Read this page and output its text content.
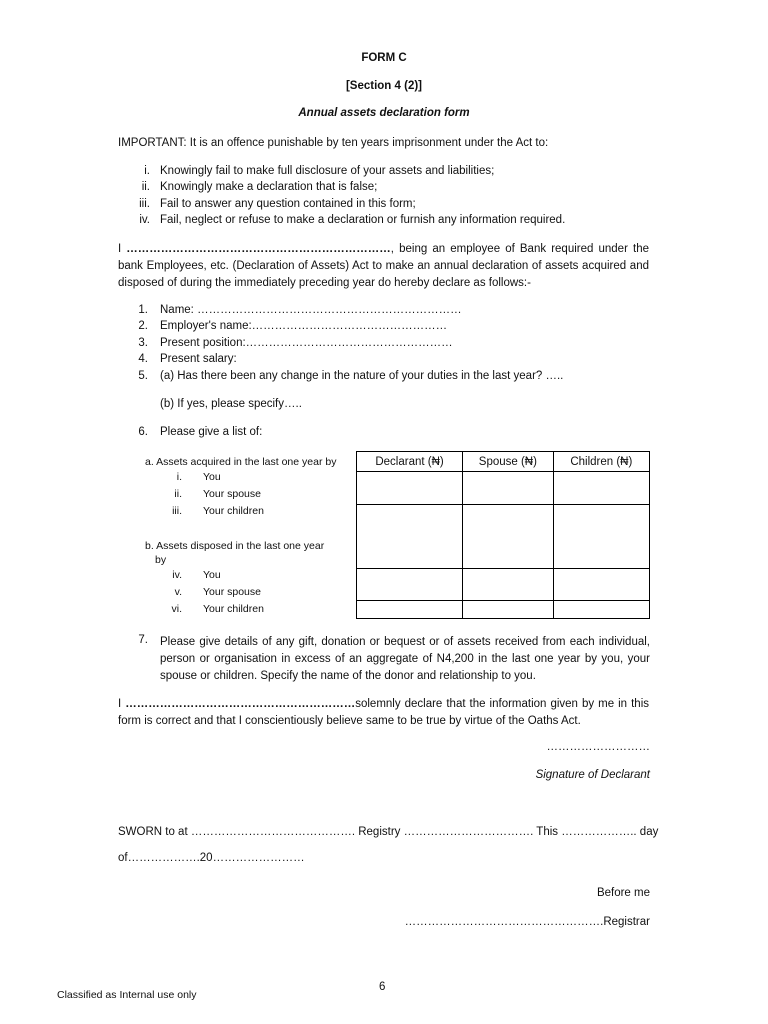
FORM C
[Section 4 (2)]
Annual assets declaration form
IMPORTANT: It is an offence punishable by ten years imprisonment under the Act to:
i. Knowingly fail to make full disclosure of your assets and liabilities;
ii. Knowingly make a declaration that is false;
iii. Fail to answer any question contained in this form;
iv. Fail, neglect or refuse to make a declaration or furnish any information required.
I ……………………………………………………………, being an employee of Bank required under the bank Employees, etc. (Declaration of Assets) Act to make an annual declaration of assets acquired and disposed of during the immediately preceding year do hereby declare as follows:-
1. Name: ……………………………………………………………
2. Employer's name:……………………………………………
3. Present position:………………………………………………
4. Present salary:
5. (a) Has there been any change in the nature of your duties in the last year? …..
(b) If yes, please specify…..
6. Please give a list of:
a. Assets acquired in the last one year by
i. You
ii. Your spouse
iii. Your children
b. Assets disposed in the last one year
by
iv. You
v. Your spouse
vi. Your children
Declarant (₦)	Spouse (₦)	Children (₦)

7. Please give details of any gift, donation or bequest or of assets received from each individual, person or organisation in excess of an aggregate of N4,200 in the last one year by you, your spouse or children. Specify the name of the donor and relationship to you.
I ……………………………………………………solemnly declare that the information given by me in this form is correct and that I conscientiously believe same to be true by virtue of the Oaths Act.
………………………
Signature of Declarant
SWORN to at ……………………………………. Registry ……………………………. This ……………….. day
of……………….20……………………
Before me
…………………………………………….Registrar
6
Classified as Internal use only
